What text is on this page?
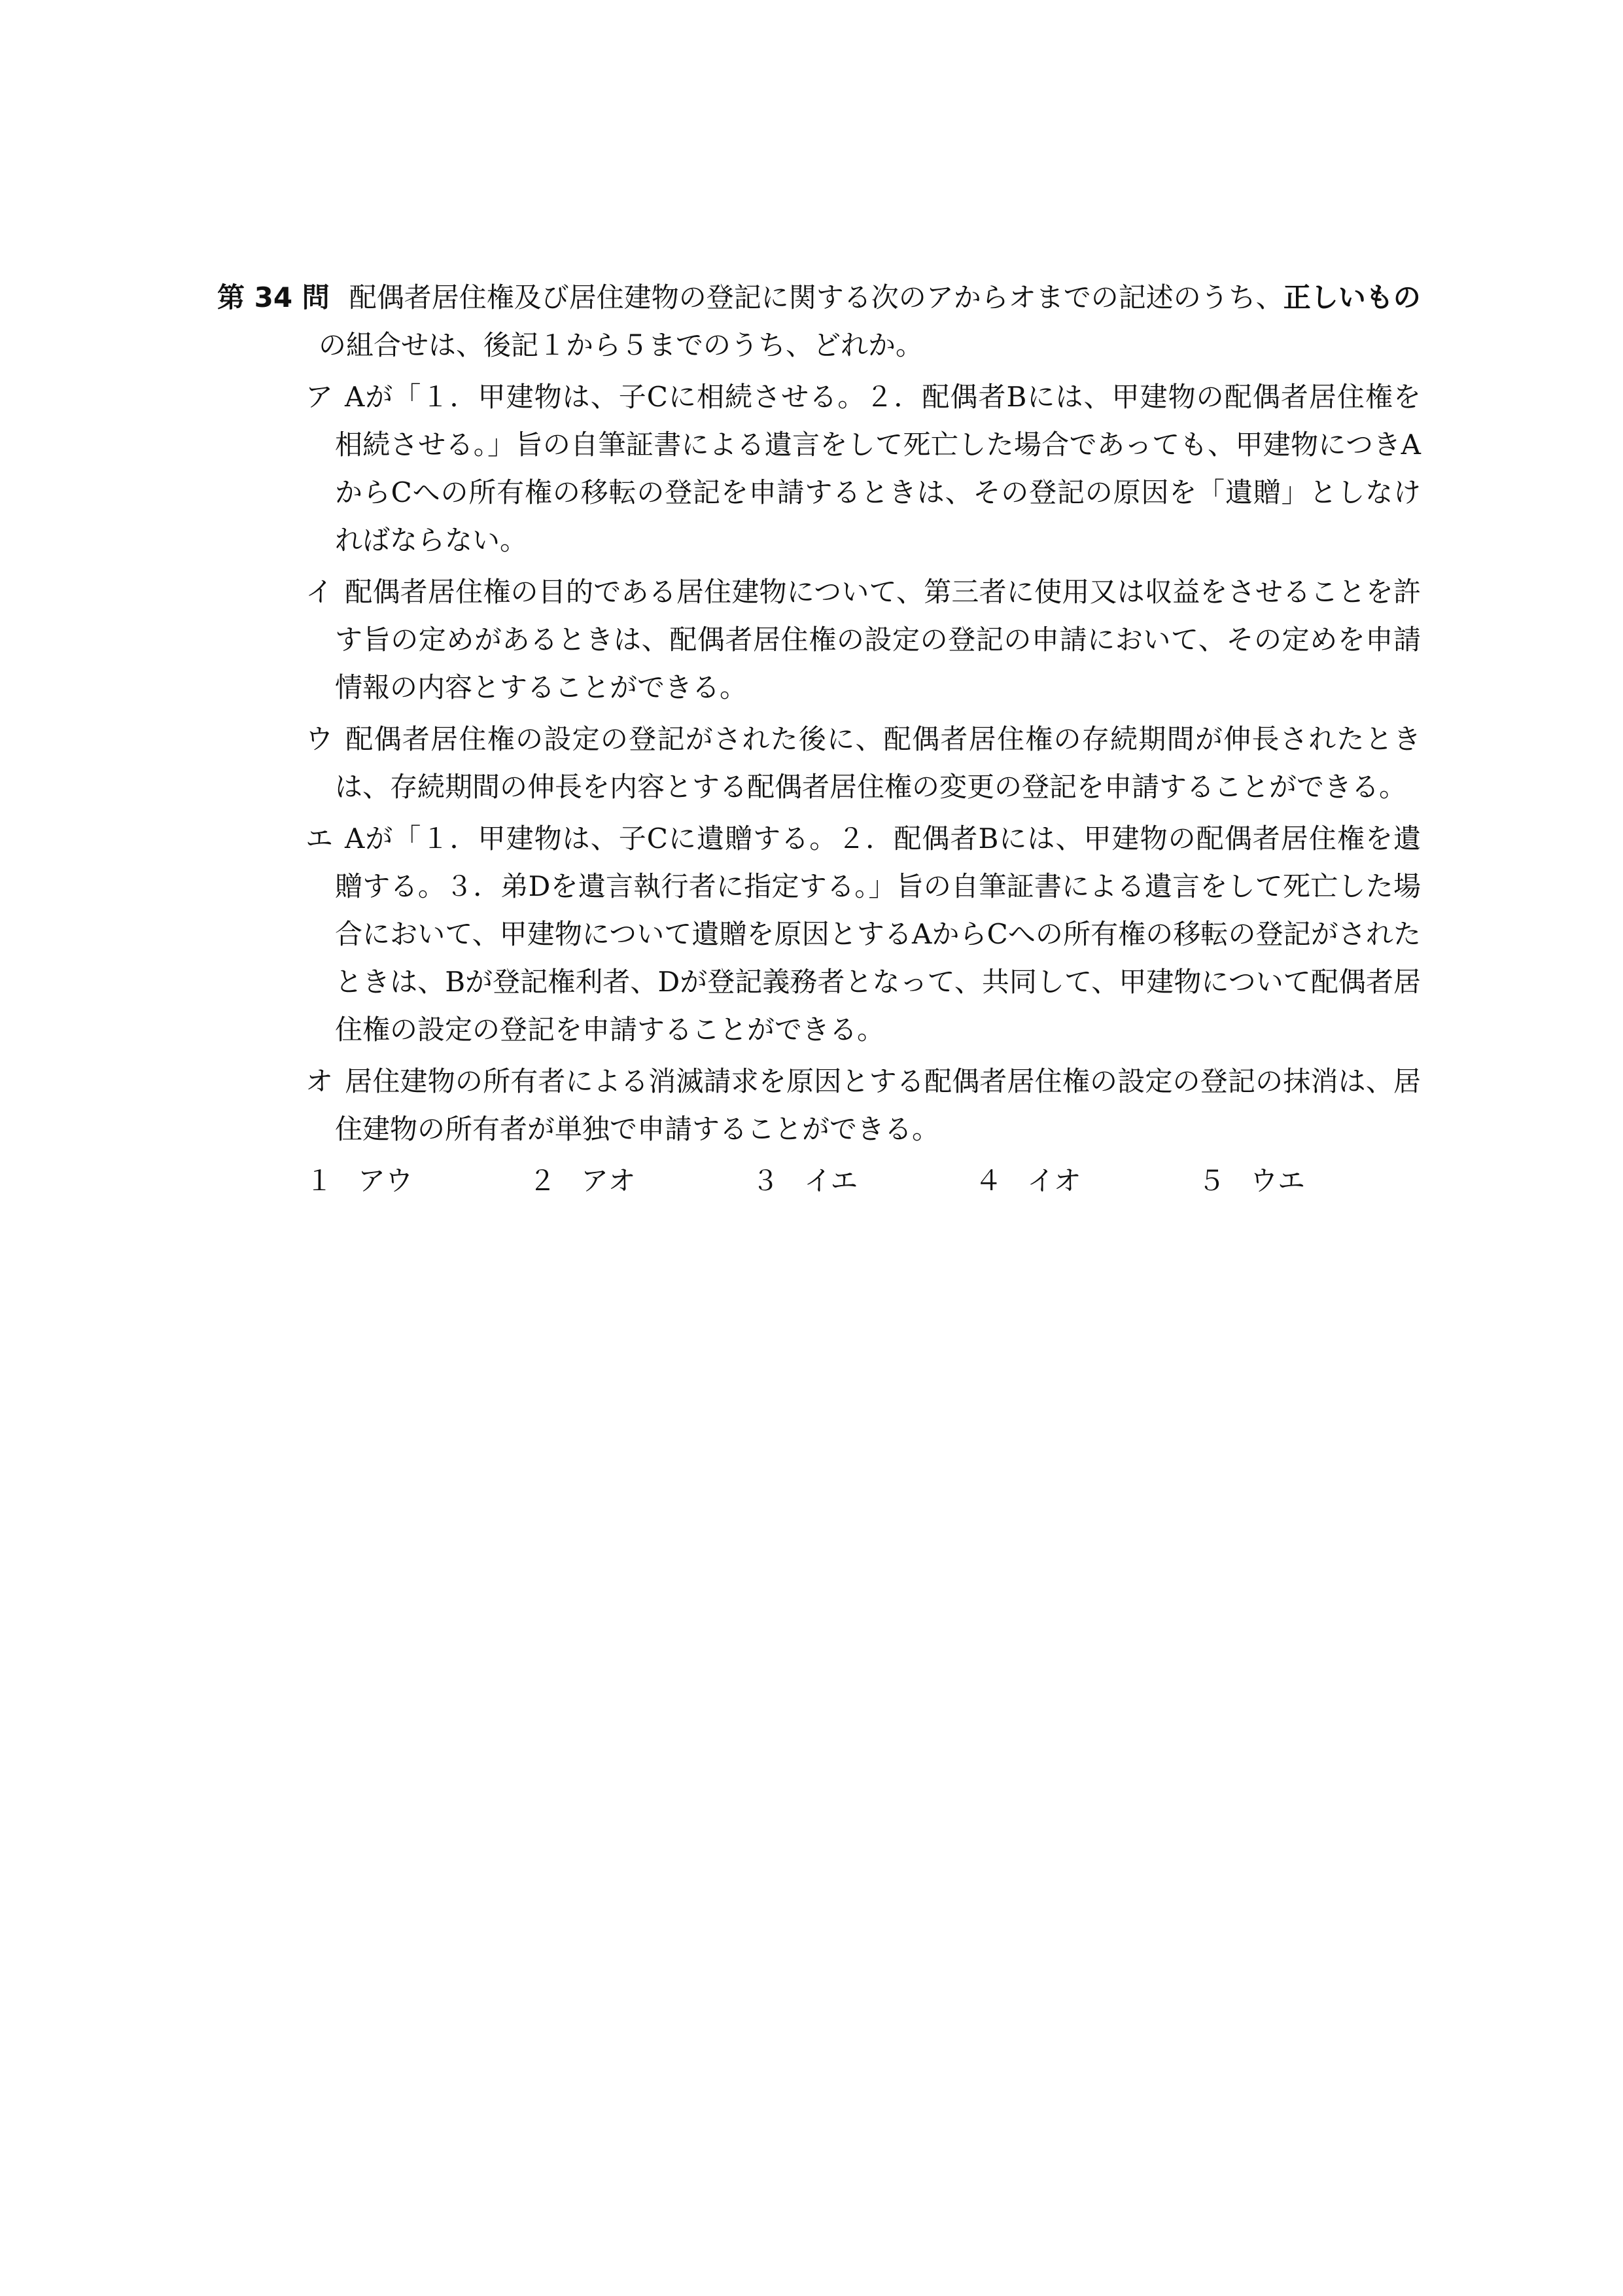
第 34 問 配偶者居住権及び居住建物の登記に関する次のアからオまでの記述のうち、正しいものの組合せは、後記１から５までのうち、どれか。

ア Aが「１．甲建物は、子Cに相続させる。２．配偶者Bには、甲建物の配偶者居住権を相続させる。」旨の自筆証書による遺言をして死亡した場合であっても、甲建物につきAからCへの所有権の移転の登記を申請するときは、その登記の原因を「遺贈」としなければならない。
イ 配偶者居住権の目的である居住建物について、第三者に使用又は収益をさせることを許す旨の定めがあるときは、配偶者居住権の設定の登記の申請において、その定めを申請情報の内容とすることができる。
ウ 配偶者居住権の設定の登記がされた後に、配偶者居住権の存続期間が伸長されたときは、存続期間の伸長を内容とする配偶者居住権の変更の登記を申請することができる。
エ Aが「１．甲建物は、子Cに遺贈する。２．配偶者Bには、甲建物の配偶者居住権を遺贈する。３．弟Dを遺言執行者に指定する。」旨の自筆証書による遺言をして死亡した場合において、甲建物について遺贈を原因とするAからCへの所有権の移転の登記がされたときは、Bが登記権利者、Dが登記義務者となって、共同して、甲建物について配偶者居住権の設定の登記を申請することができる。
オ 居住建物の所有者による消滅請求を原因とする配偶者居住権の設定の登記の抹消は、居住建物の所有者が単独で申請することができる。
１ アウ	２ アオ	３ イエ	４ イオ	５ ウエ
